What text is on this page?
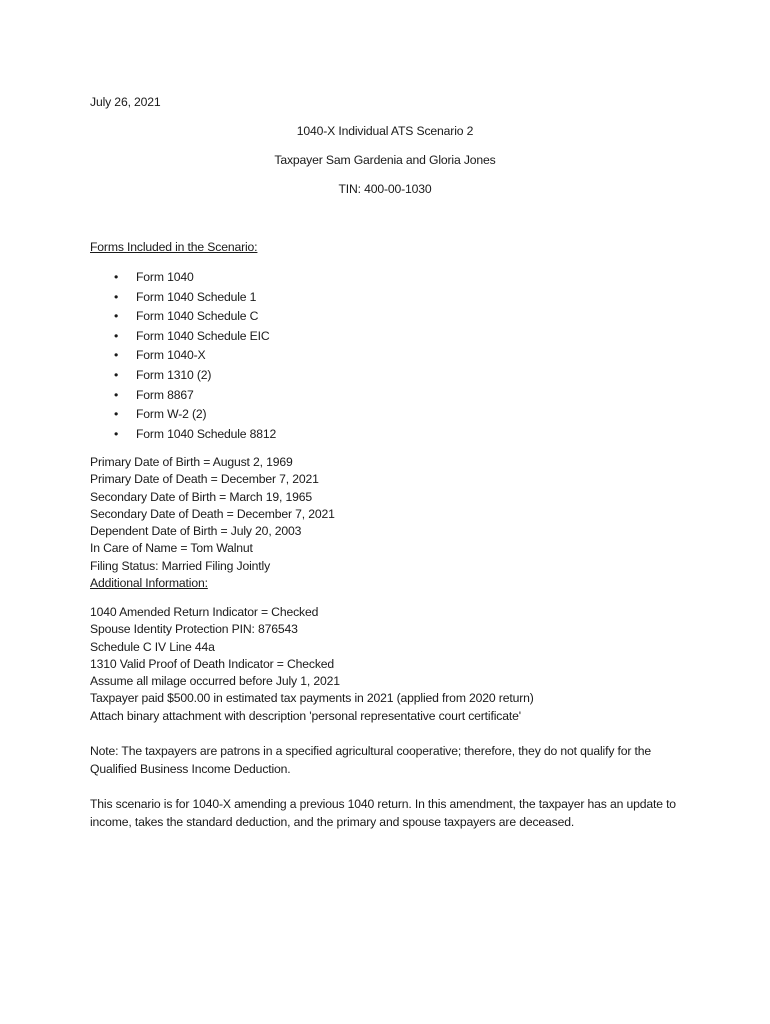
July 26, 2021
1040-X Individual ATS Scenario 2
Taxpayer Sam Gardenia and Gloria Jones
TIN: 400-00-1030
Forms Included in the Scenario:
• Form 1040
• Form 1040 Schedule 1
• Form 1040 Schedule C
• Form 1040 Schedule EIC
• Form 1040-X
• Form 1310 (2)
• Form 8867
• Form W-2 (2)
• Form 1040 Schedule 8812
Primary Date of Birth = August 2, 1969
Primary Date of Death = December 7, 2021
Secondary Date of Birth = March 19, 1965
Secondary Date of Death = December 7, 2021
Dependent Date of Birth = July 20, 2003
In Care of Name = Tom Walnut
Filing Status: Married Filing Jointly
Additional Information:
1040 Amended Return Indicator = Checked
Spouse Identity Protection PIN: 876543
Schedule C IV Line 44a
1310 Valid Proof of Death Indicator = Checked
Assume all milage occurred before July 1, 2021
Taxpayer paid $500.00 in estimated tax payments in 2021 (applied from 2020 return)
Attach binary attachment with description 'personal representative court certificate'
Note: The taxpayers are patrons in a specified agricultural cooperative; therefore, they do not qualify for the Qualified Business Income Deduction.
This scenario is for 1040-X amending a previous 1040 return. In this amendment, the taxpayer has an update to income, takes the standard deduction, and the primary and spouse taxpayers are deceased.
